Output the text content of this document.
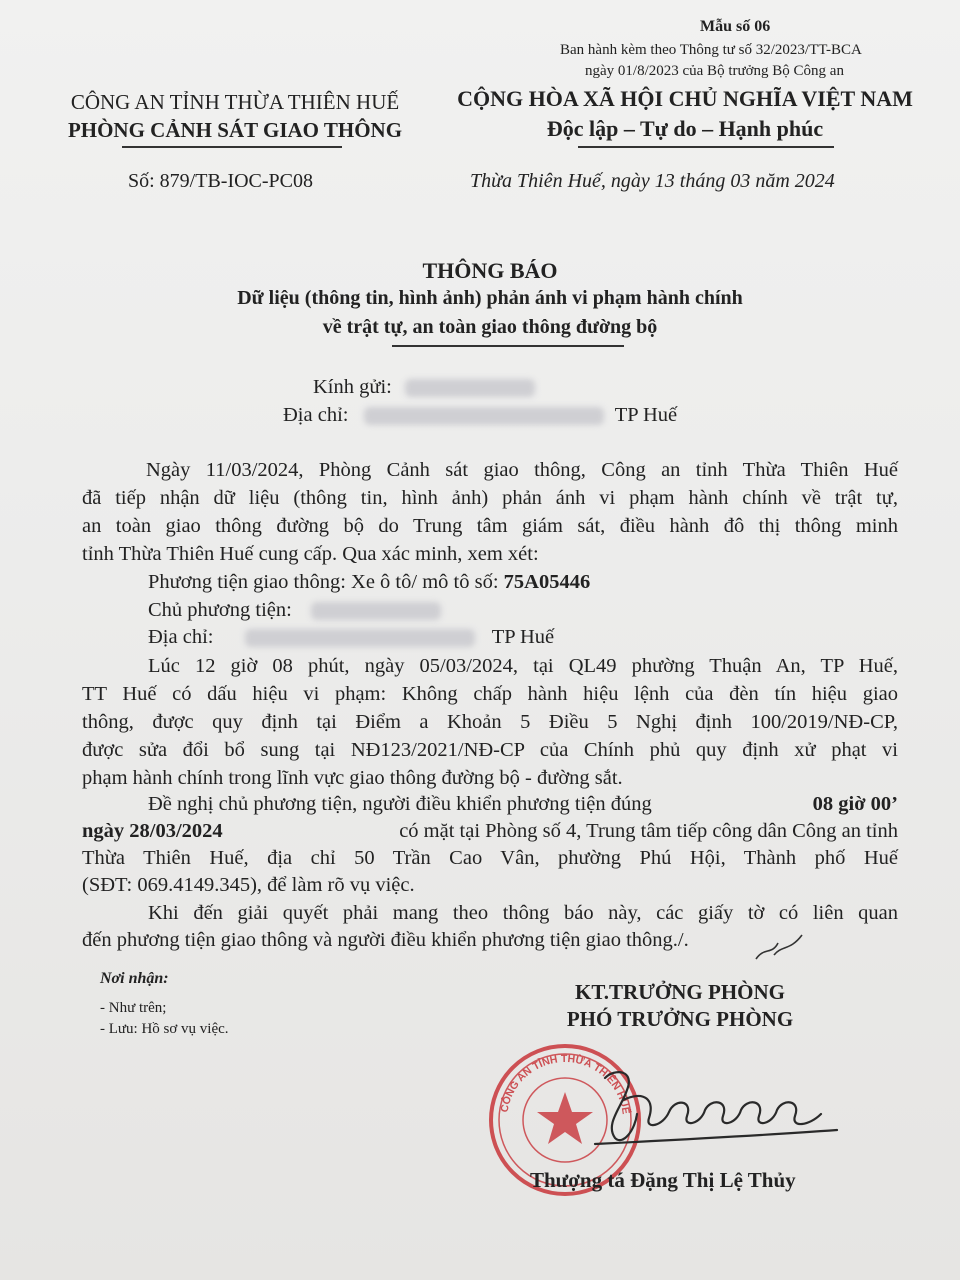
Mẫu số 06
Ban hành kèm theo Thông tư số 32/2023/TT-BCA
ngày 01/8/2023 của Bộ trưởng Bộ Công an
CÔNG AN TỈNH THỪA THIÊN HUẾ
PHÒNG CẢNH SÁT GIAO THÔNG
CỘNG HÒA XÃ HỘI CHỦ NGHĨA VIỆT NAM
Độc lập – Tự do – Hạnh phúc
Số: 879/TB-IOC-PC08	Thừa Thiên Huế, ngày 13 tháng 03 năm 2024
THÔNG BÁO
Dữ liệu (thông tin, hình ảnh) phản ánh vi phạm hành chính
về trật tự, an toàn giao thông đường bộ
Kính gửi:
Địa chỉ:	TP Huế
Ngày 11/03/2024, Phòng Cảnh sát giao thông, Công an tỉnh Thừa Thiên Huế
đã tiếp nhận dữ liệu (thông tin, hình ảnh) phản ánh vi phạm hành chính về trật tự,
an toàn giao thông đường bộ do Trung tâm giám sát, điều hành đô thị thông minh
tỉnh Thừa Thiên Huế cung cấp. Qua xác minh, xem xét:
Phương tiện giao thông: Xe ô tô/ mô tô số: 75A05446
Chủ phương tiện:
Địa chỉ:	TP Huế
Lúc 12 giờ 08 phút, ngày 05/03/2024, tại QL49 phường Thuận An, TP Huế,
TT Huế có dấu hiệu vi phạm: Không chấp hành hiệu lệnh của đèn tín hiệu giao
thông, được quy định tại Điểm a Khoản 5 Điều 5 Nghị định 100/2019/NĐ-CP,
được sửa đổi bổ sung tại NĐ123/2021/NĐ-CP của Chính phủ quy định xử phạt vi
phạm hành chính trong lĩnh vực giao thông đường bộ - đường sắt.
Đề nghị chủ phương tiện, người điều khiển phương tiện đúng	08 giờ 00’
ngày 28/03/2024	có mặt tại Phòng số 4, Trung tâm tiếp công dân Công an tỉnh
Thừa Thiên Huế, địa chỉ 50 Trần Cao Vân, phường Phú Hội, Thành phố Huế
(SĐT: 069.4149.345), để làm rõ vụ việc.
Khi đến giải quyết phải mang theo thông báo này, các giấy tờ có liên quan
đến phương tiện giao thông và người điều khiển phương tiện giao thông./.
Nơi nhận:
- Như trên;
- Lưu: Hồ sơ vụ việc.
KT.TRƯỞNG PHÒNG
PHÓ TRƯỞNG PHÒNG
CÔNG AN TỈNH THỪA THIÊN HUẾ
Thượng tá Đặng Thị Lệ Thủy
